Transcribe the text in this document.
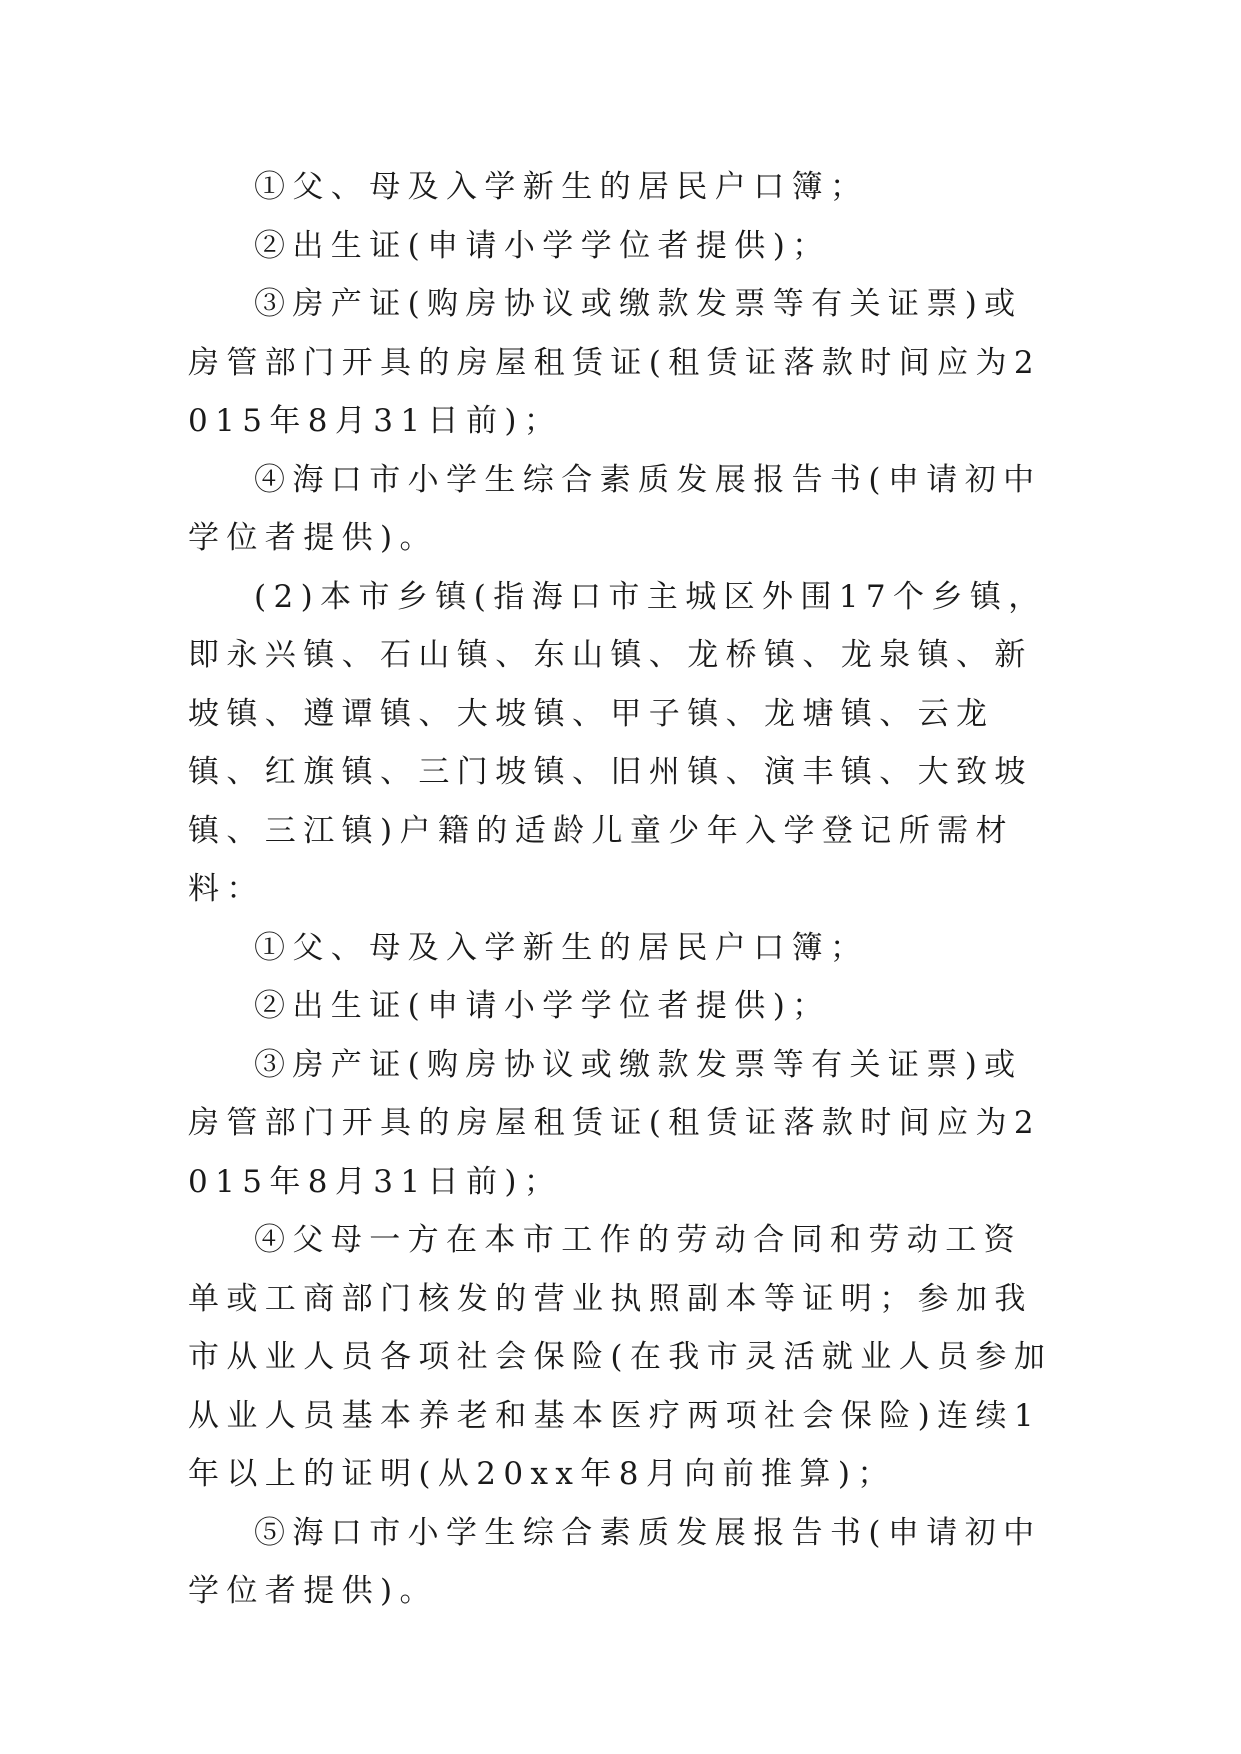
①父、母及入学新生的居民户口簿；

②出生证(申请小学学位者提供)；

③房产证(购房协议或缴款发票等有关证票)或房管部门开具的房屋租赁证(租赁证落款时间应为2015年8月31日前)；

④海口市小学生综合素质发展报告书(申请初中学位者提供)。

(2)本市乡镇(指海口市主城区外围17个乡镇，即永兴镇、石山镇、东山镇、龙桥镇、龙泉镇、新坡镇、遵谭镇、大坡镇、甲子镇、龙塘镇、云龙镇、红旗镇、三门坡镇、旧州镇、演丰镇、大致坡镇、三江镇)户籍的适龄儿童少年入学登记所需材料：

①父、母及入学新生的居民户口簿；

②出生证(申请小学学位者提供)；

③房产证(购房协议或缴款发票等有关证票)或房管部门开具的房屋租赁证(租赁证落款时间应为2015年8月31日前)；

④父母一方在本市工作的劳动合同和劳动工资单或工商部门核发的营业执照副本等证明；参加我市从业人员各项社会保险(在我市灵活就业人员参加从业人员基本养老和基本医疗两项社会保险)连续1年以上的证明(从20xx年8月向前推算)；

⑤海口市小学生综合素质发展报告书(申请初中学位者提供)。
